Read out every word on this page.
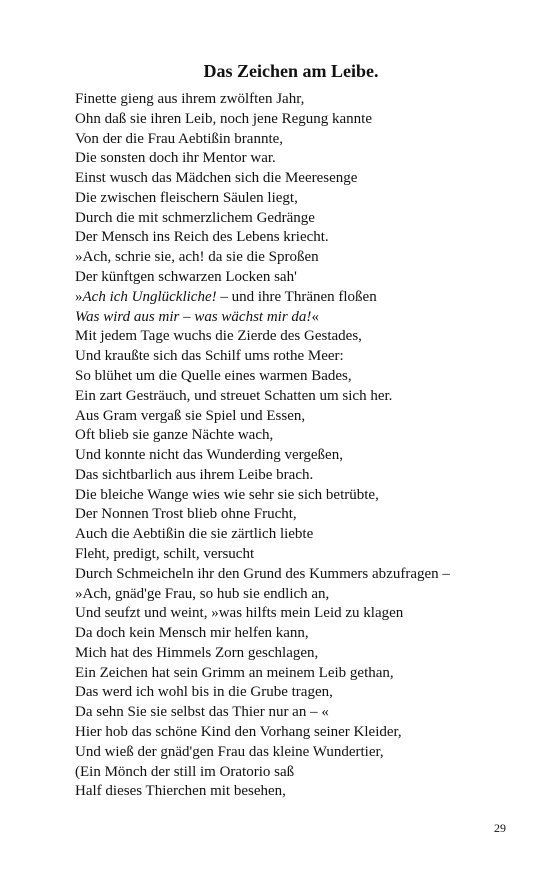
Das Zeichen am Leibe.
Finette gieng aus ihrem zwölften Jahr,
Ohn daß sie ihren Leib, noch jene Regung kannte
Von der die Frau Aebtißin brannte,
Die sonsten doch ihr Mentor war.
Einst wusch das Mädchen sich die Meeresenge
Die zwischen fleischern Säulen liegt,
Durch die mit schmerzlichem Gedränge
Der Mensch ins Reich des Lebens kriecht.
»Ach, schrie sie, ach! da sie die Sproßen
Der künftgen schwarzen Locken sah'
»Ach ich Unglückliche! – und ihre Thränen floßen
Was wird aus mir – was wächst mir da!«
Mit jedem Tage wuchs die Zierde des Gestades,
Und kraußte sich das Schilf ums rothe Meer:
So blühet um die Quelle eines warmen Bades,
Ein zart Gesträuch, und streuet Schatten um sich her.
Aus Gram vergaß sie Spiel und Essen,
Oft blieb sie ganze Nächte wach,
Und konnte nicht das Wunderding vergeßen,
Das sichtbarlich aus ihrem Leibe brach.
Die bleiche Wange wies wie sehr sie sich betrübte,
Der Nonnen Trost blieb ohne Frucht,
Auch die Aebtißin die sie zärtlich liebte
Fleht, predigt, schilt, versucht
Durch Schmeicheln ihr den Grund des Kummers abzufragen –
»Ach, gnäd'ge Frau, so hub sie endlich an,
Und seufzt und weint, »was hilfts mein Leid zu klagen
Da doch kein Mensch mir helfen kann,
Mich hat des Himmels Zorn geschlagen,
Ein Zeichen hat sein Grimm an meinem Leib gethan,
Das werd ich wohl bis in die Grube tragen,
Da sehn Sie sie selbst das Thier nur an – «
Hier hob das schöne Kind den Vorhang seiner Kleider,
Und wieß der gnäd'gen Frau das kleine Wundertier,
(Ein Mönch der still im Oratorio saß
Half dieses Thierchen mit besehen,
29
